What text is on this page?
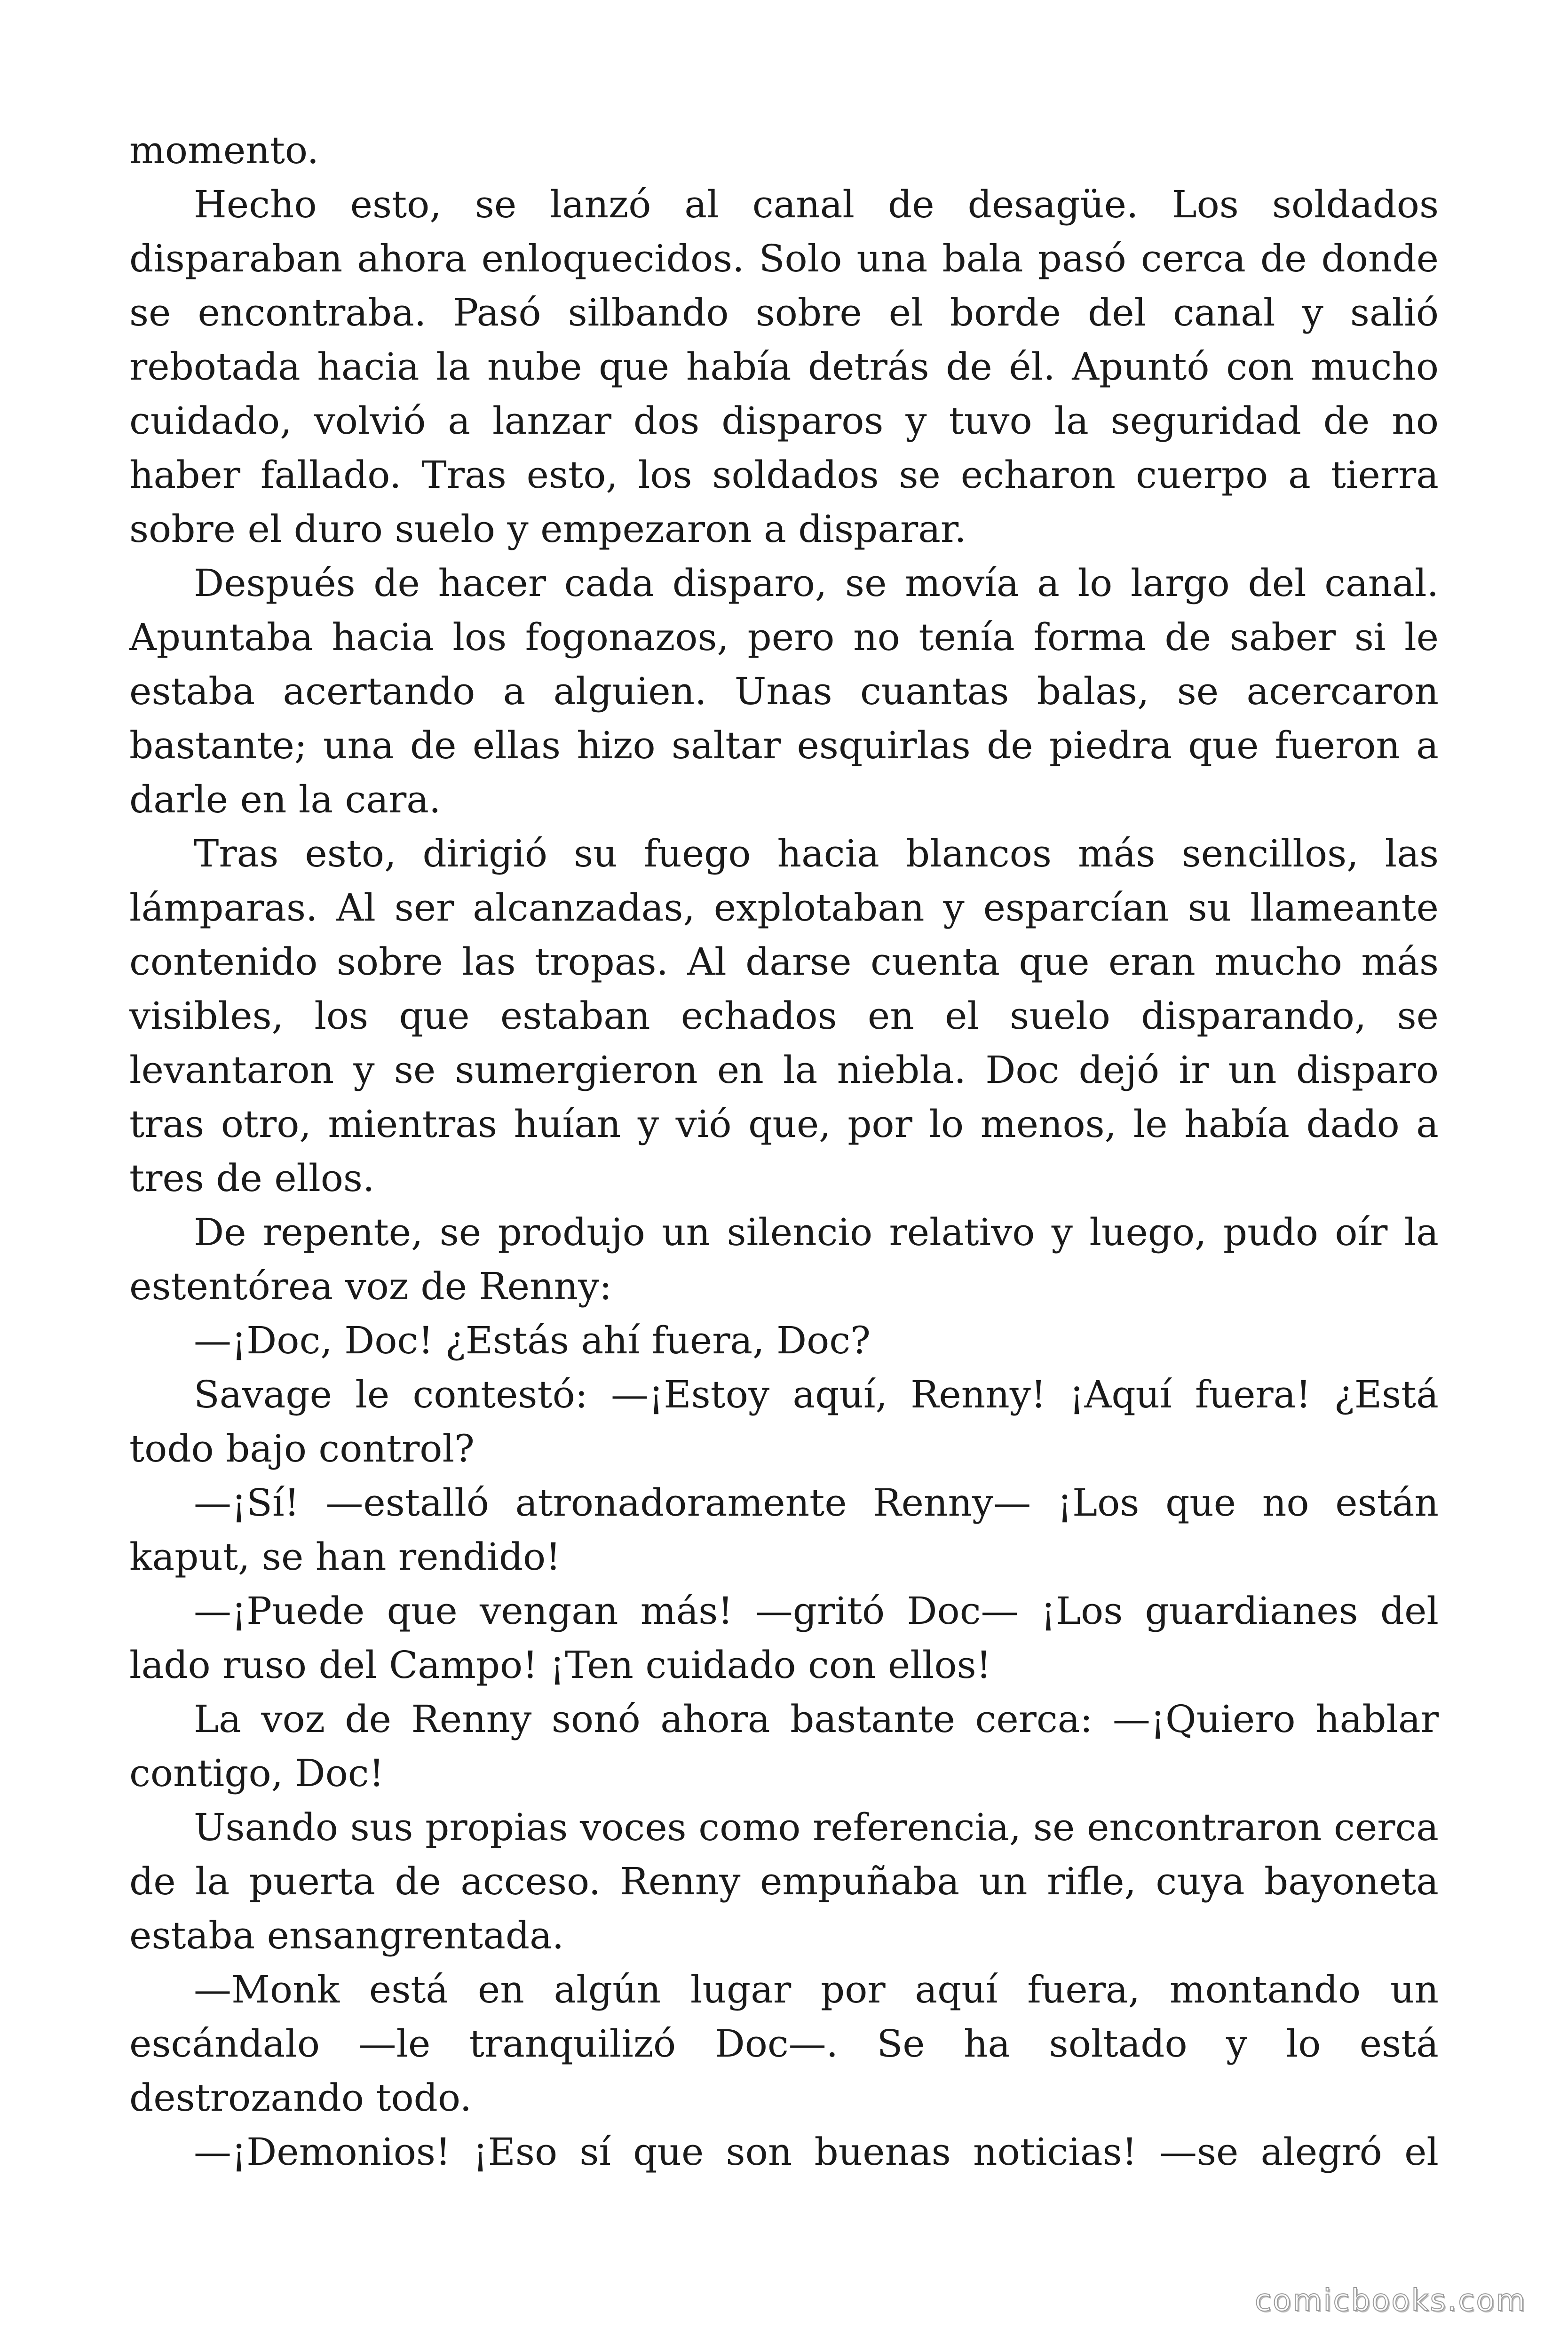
momento.

Hecho esto, se lanzó al canal de desagüe. Los soldados disparaban ahora enloquecidos. Solo una bala pasó cerca de donde se encontraba. Pasó silbando sobre el borde del canal y salió rebotada hacia la nube que había detrás de él. Apuntó con mucho cuidado, volvió a lanzar dos disparos y tuvo la seguridad de no haber fallado. Tras esto, los soldados se echaron cuerpo a tierra sobre el duro suelo y empezaron a disparar.

Después de hacer cada disparo, se movía a lo largo del canal. Apuntaba hacia los fogonazos, pero no tenía forma de saber si le estaba acertando a alguien. Unas cuantas balas, se acercaron bastante; una de ellas hizo saltar esquirlas de piedra que fueron a darle en la cara.

Tras esto, dirigió su fuego hacia blancos más sencillos, las lámparas. Al ser alcanzadas, explotaban y esparcían su llameante contenido sobre las tropas. Al darse cuenta que eran mucho más visibles, los que estaban echados en el suelo disparando, se levantaron y se sumergieron en la niebla. Doc dejó ir un disparo tras otro, mientras huían y vió que, por lo menos, le había dado a tres de ellos.

De repente, se produjo un silencio relativo y luego, pudo oír la estentórea voz de Renny:

—¡Doc, Doc! ¿Estás ahí fuera, Doc?

Savage le contestó: —¡Estoy aquí, Renny! ¡Aquí fuera! ¿Está todo bajo control?

—¡Sí! —estalló atronadoramente Renny— ¡Los que no están kaput, se han rendido!

—¡Puede que vengan más! —gritó Doc— ¡Los guardianes del lado ruso del Campo! ¡Ten cuidado con ellos!

La voz de Renny sonó ahora bastante cerca: —¡Quiero hablar contigo, Doc!

Usando sus propias voces como referencia, se encontraron cerca de la puerta de acceso. Renny empuñaba un rifle, cuya bayoneta estaba ensangrentada.

—Monk está en algún lugar por aquí fuera, montando un escándalo —le tranquilizó Doc—. Se ha soltado y lo está destrozando todo.

—¡Demonios! ¡Eso sí que son buenas noticias! —se alegró el

comicbooks.com
